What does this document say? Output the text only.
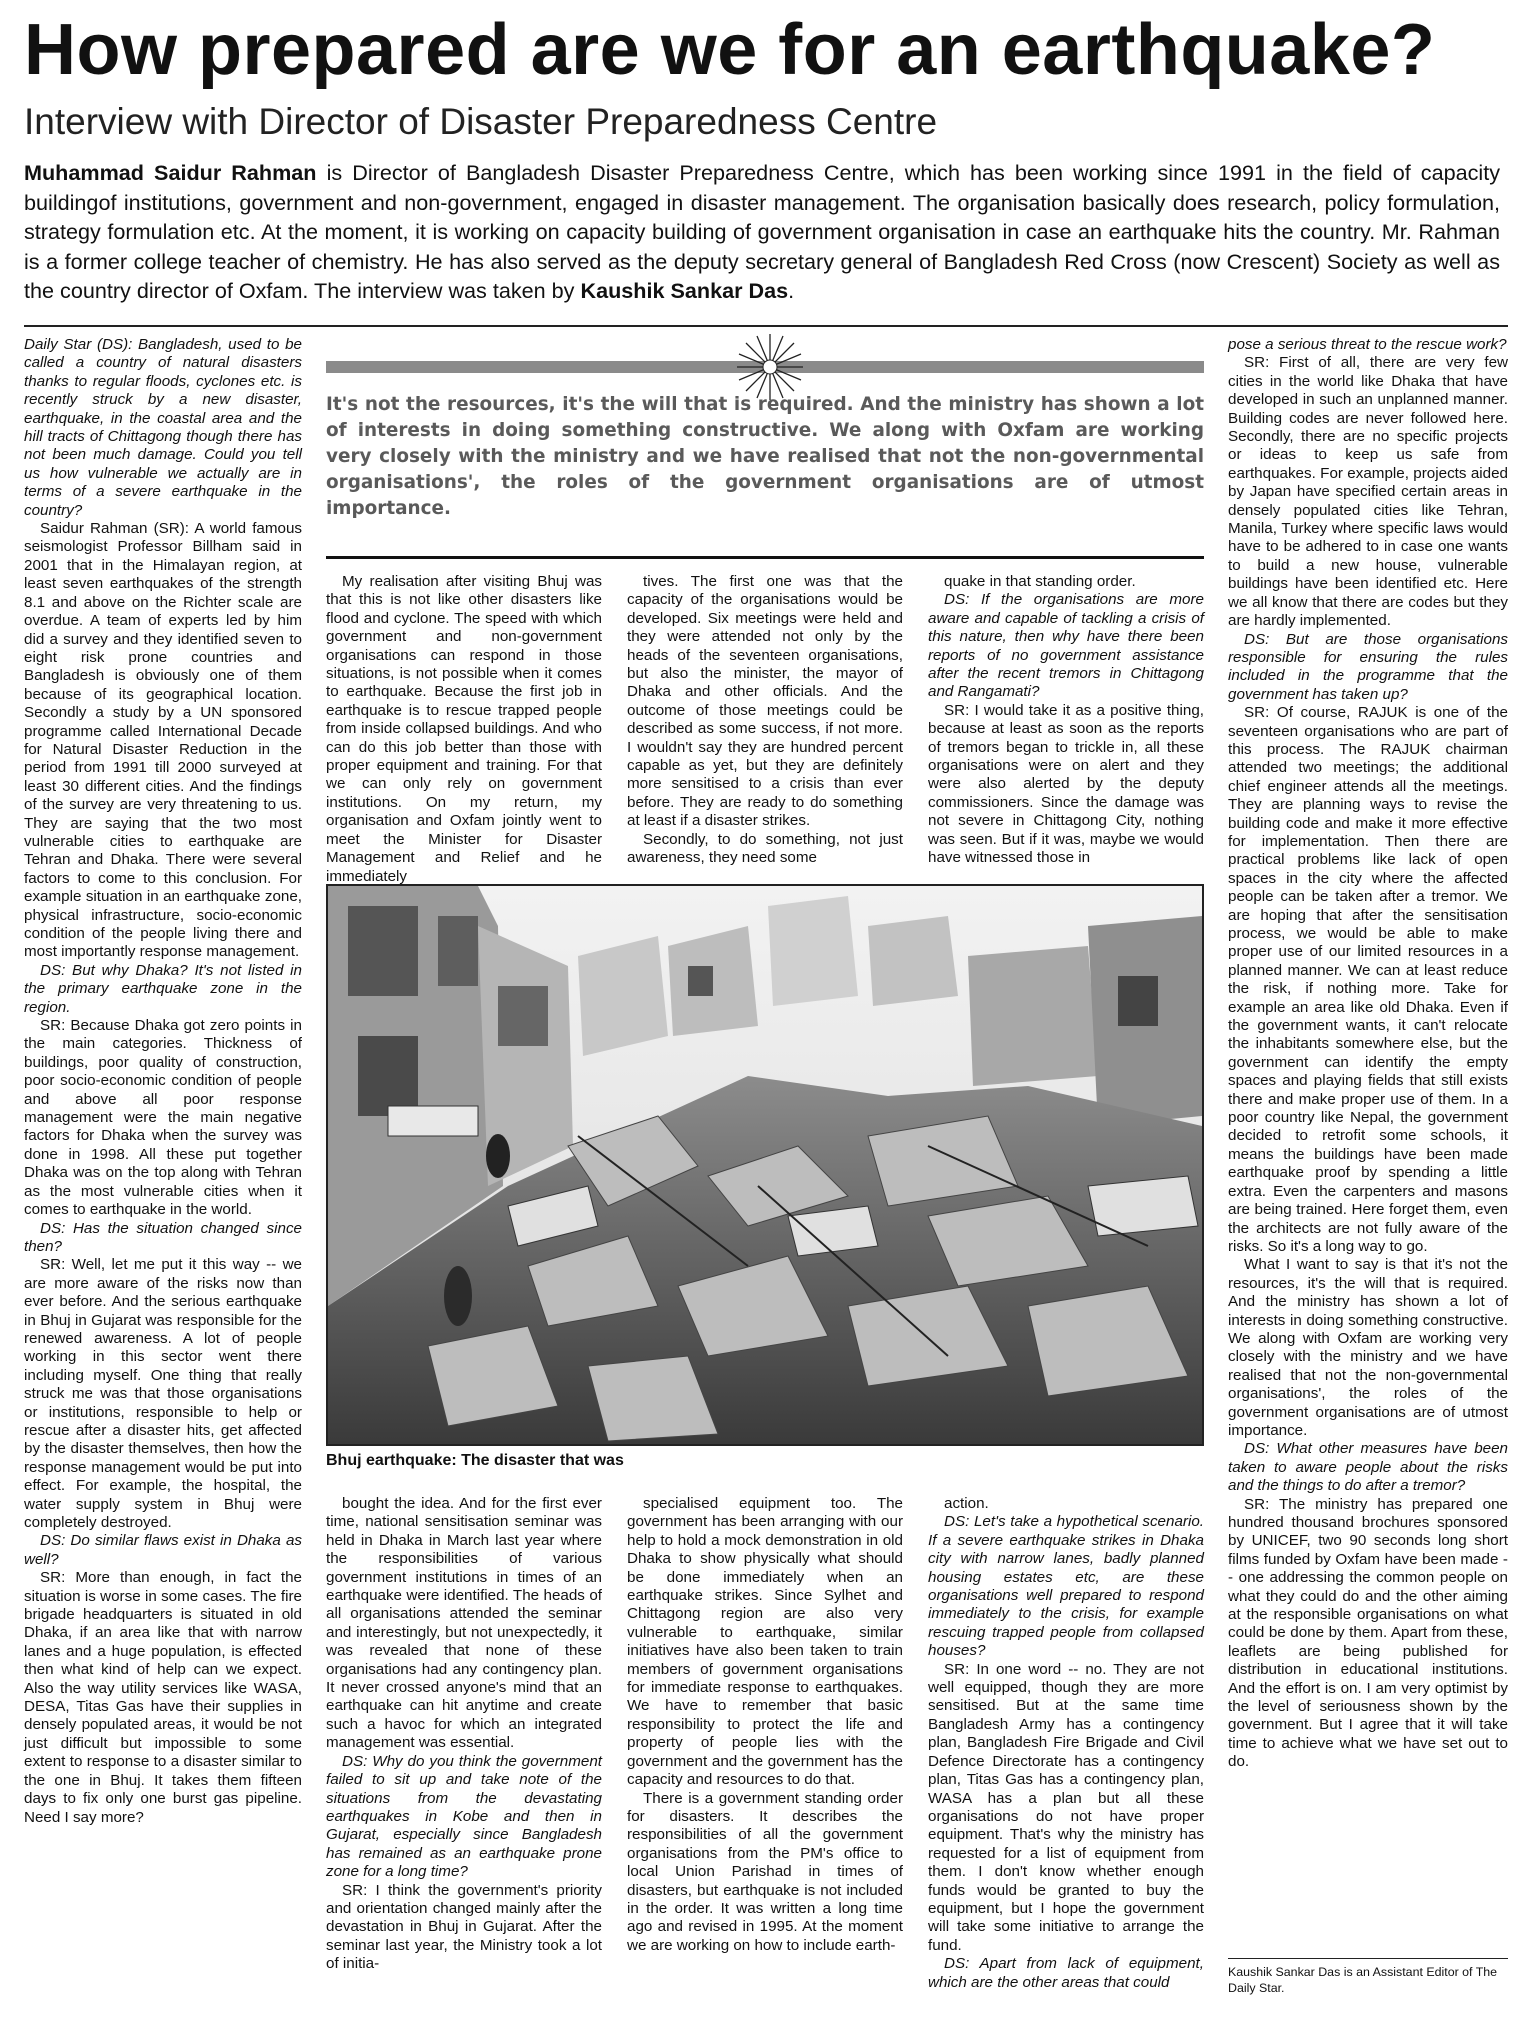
How prepared are we for an earthquake?
Interview with Director of Disaster Preparedness Centre
Muhammad Saidur Rahman is Director of Bangladesh Disaster Preparedness Centre, which has been working since 1991 in the field of capacity buildingof institutions, government and non-government, engaged in disaster management. The organisation basically does research, policy formulation, strategy formulation etc. At the moment, it is working on capacity building of government organisation in case an earthquake hits the country. Mr. Rahman is a former college teacher of chemistry. He has also served as the deputy secretary general of Bangladesh Red Cross (now Crescent) Society as well as the country director of Oxfam. The interview was taken by Kaushik Sankar Das.

Daily Star (DS): Bangladesh, used to be called a country of natural disasters thanks to regular floods, cyclones etc. is recently struck by a new disaster, earthquake, in the coastal area and the hill tracts of Chittagong though there has not been much damage. Could you tell us how vulnerable we actually are in terms of a severe earthquake in the country?

Saidur Rahman (SR): A world famous seismologist Professor Billham said in 2001 that in the Himalayan region, at least seven earthquakes of the strength 8.1 and above on the Richter scale are overdue. A team of experts led by him did a survey and they identified seven to eight risk prone countries and Bangladesh is obviously one of them because of its geographical location. Secondly a study by a UN sponsored programme called International Decade for Natural Disaster Reduction in the period from 1991 till 2000 surveyed at least 30 different cities. And the findings of the survey are very threatening to us. They are saying that the two most vulnerable cities to earthquake are Tehran and Dhaka. There were several factors to come to this conclusion. For example situation in an earthquake zone, physical infrastructure, socio-economic condition of the people living there and most importantly response management.

DS: But why Dhaka? It's not listed in the primary earthquake zone in the region.

SR: Because Dhaka got zero points in the main categories. Thickness of buildings, poor quality of construction, poor socio-economic condition of people and above all poor response management were the main negative factors for Dhaka when the survey was done in 1998. All these put together Dhaka was on the top along with Tehran as the most vulnerable cities when it comes to earthquake in the world.

DS: Has the situation changed since then?

SR: Well, let me put it this way -- we are more aware of the risks now than ever before. And the serious earthquake in Bhuj in Gujarat was responsible for the renewed awareness. A lot of people working in this sector went there including myself. One thing that really struck me was that those organisations or institutions, responsible to help or rescue after a disaster hits, get affected by the disaster themselves, then how the response management would be put into effect. For example, the hospital, the water supply system in Bhuj were completely destroyed.

DS: Do similar flaws exist in Dhaka as well?

SR: More than enough, in fact the situation is worse in some cases. The fire brigade headquarters is situated in old Dhaka, if an area like that with narrow lanes and a huge population, is effected then what kind of help can we expect. Also the way utility services like WASA, DESA, Titas Gas have their supplies in densely populated areas, it would be not just difficult but impossible to some extent to response to a disaster similar to the one in Bhuj. It takes them fifteen days to fix only one burst gas pipeline. Need I say more?

It's not the resources, it's the will that is required. And the ministry has shown a lot of interests in doing something constructive. We along with Oxfam are working very closely with the ministry and we have realised that not the non-governmental organisations', the roles of the government organisations are of utmost importance.

My realisation after visiting Bhuj was that this is not like other disasters like flood and cyclone. The speed with which government and non-government organisations can respond in those situations, is not possible when it comes to earthquake. Because the first job in earthquake is to rescue trapped people from inside collapsed buildings. And who can do this job better than those with proper equipment and training. For that we can only rely on government institutions. On my return, my organisation and Oxfam jointly went to meet the Minister for Disaster Management and Relief and he immediately

tives. The first one was that the capacity of the organisations would be developed. Six meetings were held and they were attended not only by the heads of the seventeen organisations, but also the minister, the mayor of Dhaka and other officials. And the outcome of those meetings could be described as some success, if not more. I wouldn't say they are hundred percent capable as yet, but they are definitely more sensitised to a crisis than ever before. They are ready to do something at least if a disaster strikes.

Secondly, to do something, not just awareness, they need some

quake in that standing order.

DS: If the organisations are more aware and capable of tackling a crisis of this nature, then why have there been reports of no government assistance after the recent tremors in Chittagong and Rangamati?

SR: I would take it as a positive thing, because at least as soon as the reports of tremors began to trickle in, all these organisations were on alert and they were also alerted by the deputy commissioners. Since the damage was not severe in Chittagong City, nothing was seen. But if it was, maybe we would have witnessed those in

Bhuj earthquake: The disaster that was

bought the idea. And for the first ever time, national sensitisation seminar was held in Dhaka in March last year where the responsibilities of various government institutions in times of an earthquake were identified. The heads of all organisations attended the seminar and interestingly, but not unexpectedly, it was revealed that none of these organisations had any contingency plan. It never crossed anyone's mind that an earthquake can hit anytime and create such a havoc for which an integrated management was essential.

DS: Why do you think the government failed to sit up and take note of the situations from the devastating earthquakes in Kobe and then in Gujarat, especially since Bangladesh has remained as an earthquake prone zone for a long time?

SR: I think the government's priority and orientation changed mainly after the devastation in Bhuj in Gujarat. After the seminar last year, the Ministry took a lot of initia-

specialised equipment too. The government has been arranging with our help to hold a mock demonstration in old Dhaka to show physically what should be done immediately when an earthquake strikes. Since Sylhet and Chittagong region are also very vulnerable to earthquake, similar initiatives have also been taken to train members of government organisations for immediate response to earthquakes. We have to remember that basic responsibility to protect the life and property of people lies with the government and the government has the capacity and resources to do that.

There is a government standing order for disasters. It describes the responsibilities of all the government organisations from the PM's office to local Union Parishad in times of disasters, but earthquake is not included in the order. It was written a long time ago and revised in 1995. At the moment we are working on how to include earth-

action.

DS: Let's take a hypothetical scenario. If a severe earthquake strikes in Dhaka city with narrow lanes, badly planned housing estates etc, are these organisations well prepared to respond immediately to the crisis, for example rescuing trapped people from collapsed houses?

SR: In one word -- no. They are not well equipped, though they are more sensitised. But at the same time Bangladesh Army has a contingency plan, Bangladesh Fire Brigade and Civil Defence Directorate has a contingency plan, Titas Gas has a contingency plan, WASA has a plan but all these organisations do not have proper equipment. That's why the ministry has requested for a list of equipment from them. I don't know whether enough funds would be granted to buy the equipment, but I hope the government will take some initiative to arrange the fund.

DS: Apart from lack of equipment, which are the other areas that could

pose a serious threat to the rescue work?

SR: First of all, there are very few cities in the world like Dhaka that have developed in such an unplanned manner. Building codes are never followed here. Secondly, there are no specific projects or ideas to keep us safe from earthquakes. For example, projects aided by Japan have specified certain areas in densely populated cities like Tehran, Manila, Turkey where specific laws would have to be adhered to in case one wants to build a new house, vulnerable buildings have been identified etc. Here we all know that there are codes but they are hardly implemented.

DS: But are those organisations responsible for ensuring the rules included in the programme that the government has taken up?

SR: Of course, RAJUK is one of the seventeen organisations who are part of this process. The RAJUK chairman attended two meetings; the additional chief engineer attends all the meetings. They are planning ways to revise the building code and make it more effective for implementation. Then there are practical problems like lack of open spaces in the city where the affected people can be taken after a tremor. We are hoping that after the sensitisation process, we would be able to make proper use of our limited resources in a planned manner. We can at least reduce the risk, if nothing more. Take for example an area like old Dhaka. Even if the government wants, it can't relocate the inhabitants somewhere else, but the government can identify the empty spaces and playing fields that still exists there and make proper use of them. In a poor country like Nepal, the government decided to retrofit some schools, it means the buildings have been made earthquake proof by spending a little extra. Even the carpenters and masons are being trained. Here forget them, even the architects are not fully aware of the risks. So it's a long way to go.

What I want to say is that it's not the resources, it's the will that is required. And the ministry has shown a lot of interests in doing something constructive. We along with Oxfam are working very closely with the ministry and we have realised that not the non-governmental organisations', the roles of the government organisations are of utmost importance.

DS: What other measures have been taken to aware people about the risks and the things to do after a tremor?

SR: The ministry has prepared one hundred thousand brochures sponsored by UNICEF, two 90 seconds long short films funded by Oxfam have been made -- one addressing the common people on what they could do and the other aiming at the responsible organisations on what could be done by them. Apart from these, leaflets are being published for distribution in educational institutions. And the effort is on. I am very optimist by the level of seriousness shown by the government. But I agree that it will take time to achieve what we have set out to do.

Kaushik Sankar Das is an Assistant Editor of The Daily Star.
